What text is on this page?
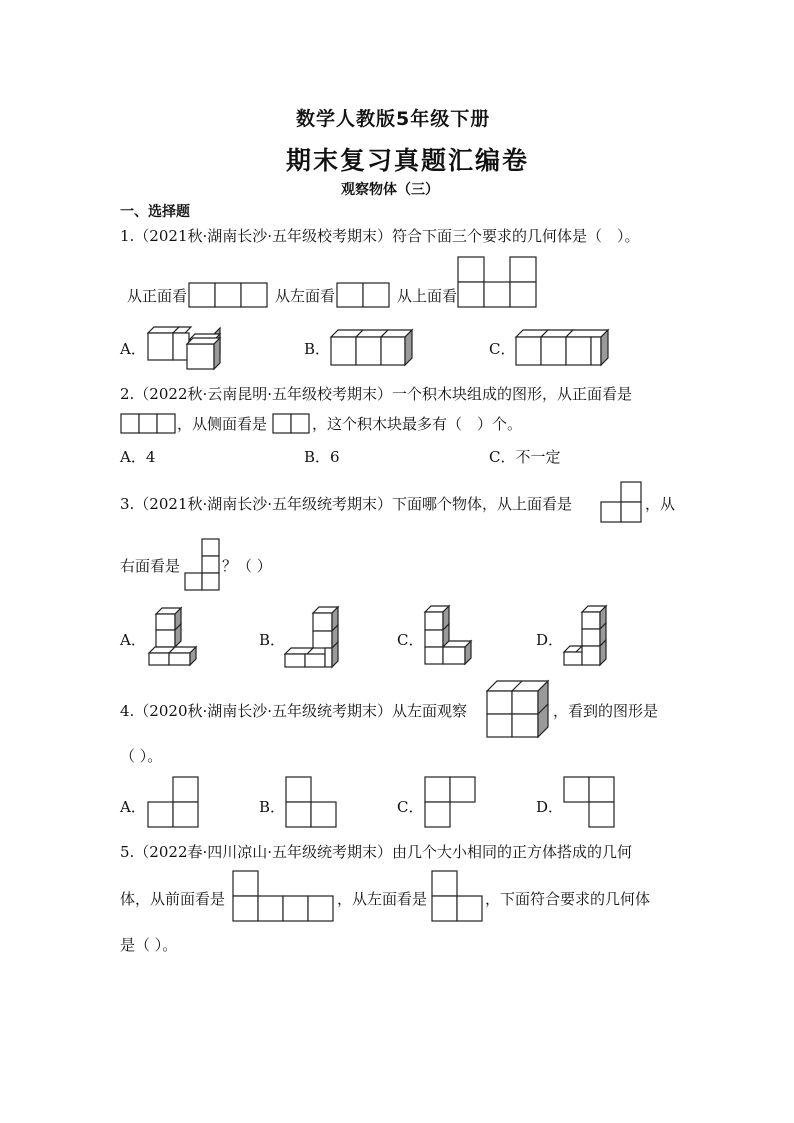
数学人教版5年级下册
期末复习真题汇编卷
观察物体（三）
一、选择题
1.（2021秋·湖南长沙·五年级校考期末）符合下面三个要求的几何体是（　）。
从正面看	从左面看	从上面看
A．	B．	C．
2.（2022秋·云南昆明·五年级校考期末）一个积木块组成的图形，从正面看是
，从侧面看是	，这个积木块最多有（　）个。
A．4	B．6	C．不一定
3.（2021秋·湖南长沙·五年级统考期末）下面哪个物体，从上面看是	，从
右面看是	？（ ）
A．	B．	C．	D．
4.（2020秋·湖南长沙·五年级统考期末）从左面观察	，看到的图形是
（ ）。
A．	B．	C．	D．
5.（2022春·四川凉山·五年级统考期末）由几个大小相同的正方体搭成的几何
体，从前面看是	，从左面看是	，下面符合要求的几何体
是（ ）。
